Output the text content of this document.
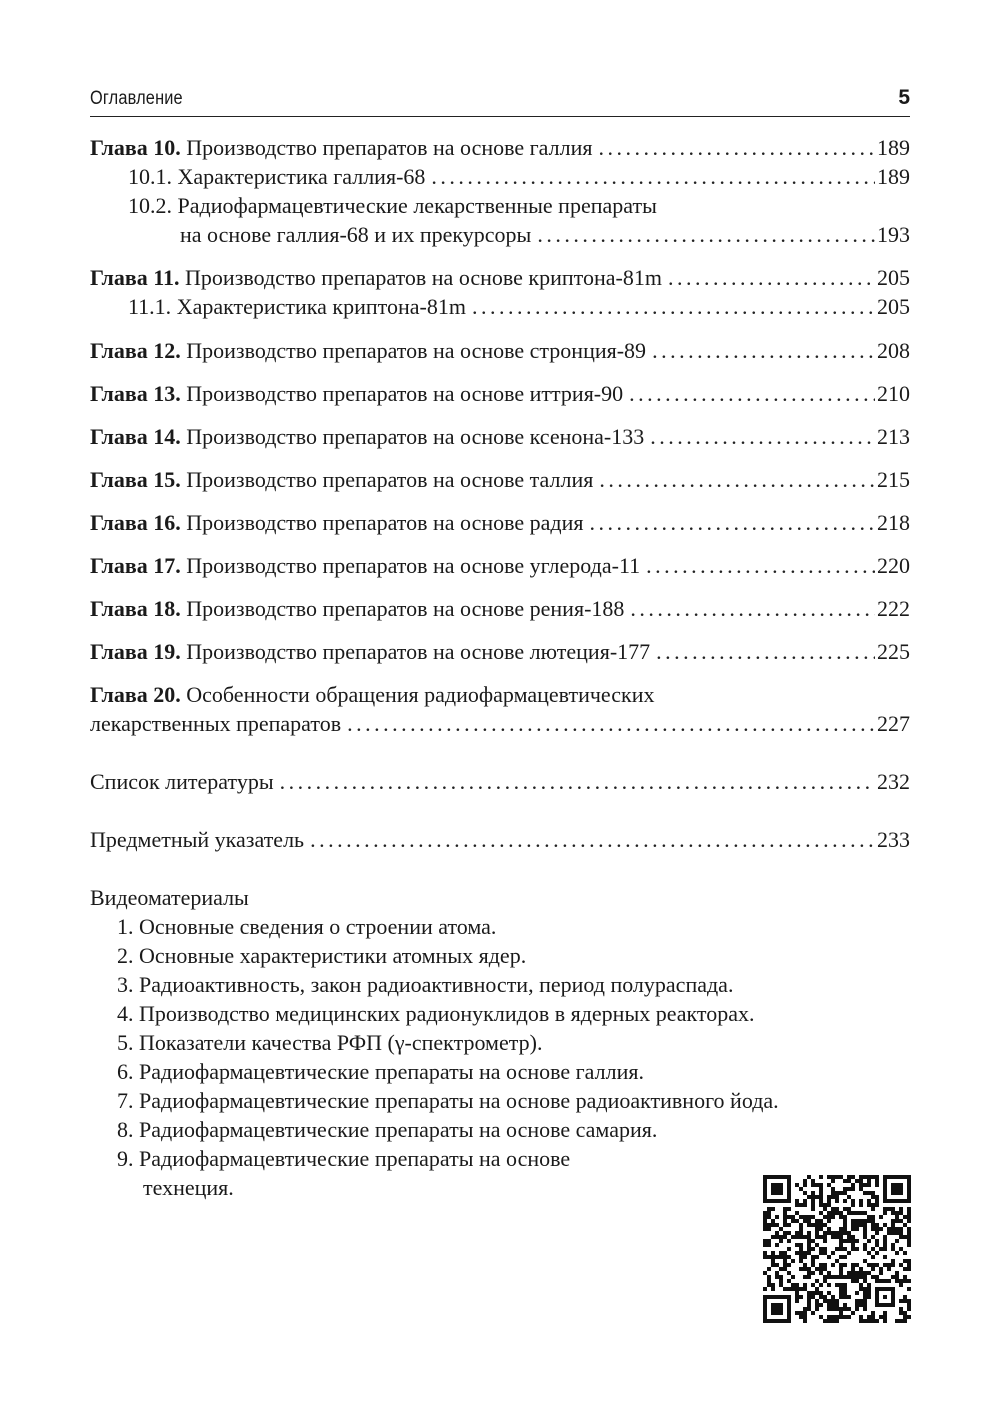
Оглавление	5
Глава 10. Производство препаратов на основе галлия . . .	189
10.1. Характеристика галлия-68 . . .	189
10.2. Радиофармацевтические лекарственные препараты
на основе галлия-68 и их прекурсоры . . .	193
Глава 11. Производство препаратов на основе криптона-81m . . .	205
11.1. Характеристика криптона-81m . . .	205
Глава 12. Производство препаратов на основе стронция-89 . . .	208
Глава 13. Производство препаратов на основе иттрия-90 . . .	210
Глава 14. Производство препаратов на основе ксенона-133 . . .	213
Глава 15. Производство препаратов на основе таллия . . .	215
Глава 16. Производство препаратов на основе радия . . .	218
Глава 17. Производство препаратов на основе углерода-11 . . .	220
Глава 18. Производство препаратов на основе рения-188 . . .	222
Глава 19. Производство препаратов на основе лютеция-177 . . .	225
Глава 20. Особенности обращения радиофармацевтических
лекарственных препаратов . . .	227
Список литературы . . .	232
Предметный указатель . . .	233
Видеоматериалы
1. Основные сведения о строении атома.
2. Основные характеристики атомных ядер.
3. Радиоактивность, закон радиоактивности, период полураспада.
4. Производство медицинских радионуклидов в ядерных реакторах.
5. Показатели качества РФП (γ-спектрометр).
6. Радиофармацевтические препараты на основе галлия.
7. Радиофармацевтические препараты на основе радиоактивного йода.
8. Радиофармацевтические препараты на основе самария.
9. Радиофармацевтические препараты на основе
технеция.
